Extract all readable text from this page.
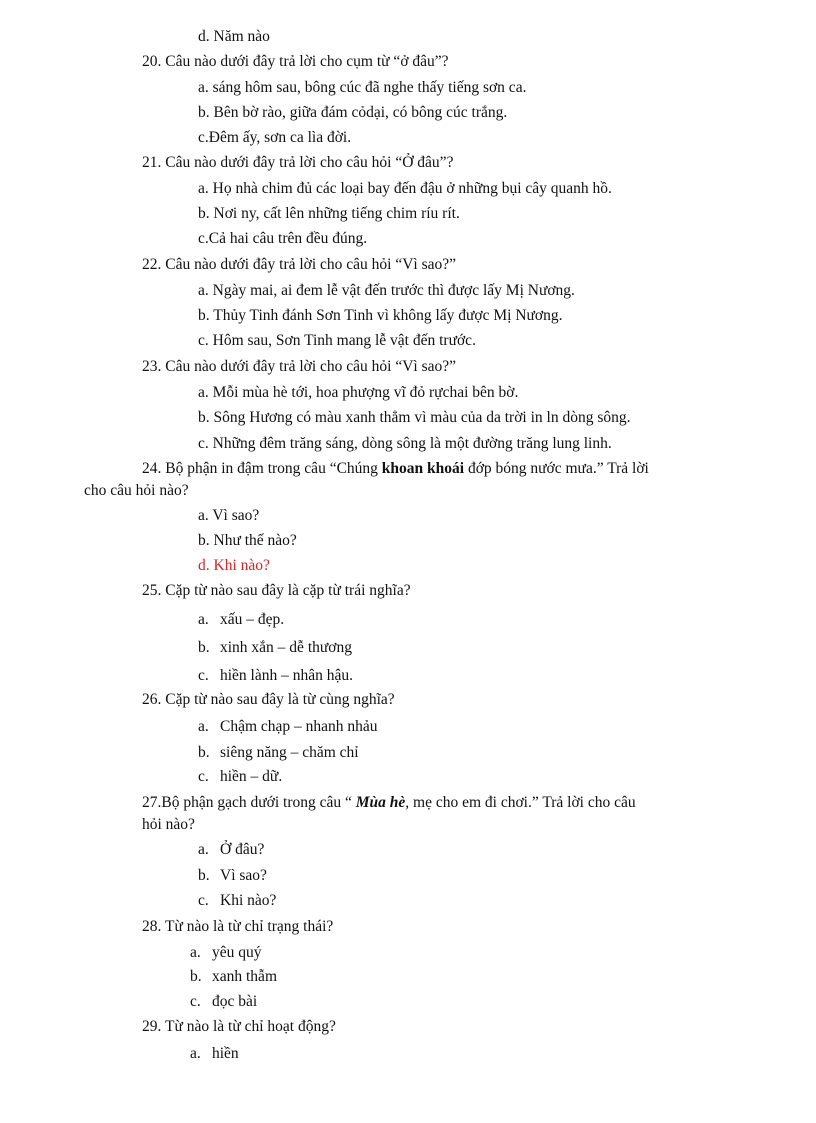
d. Năm nào
20. Câu nào dưới đây trả lời cho cụm từ “ở đâu”?
a. sáng hôm sau, bông cúc đã nghe thấy tiếng sơn ca.
b. Bên bờ rào, giữa đám cỏdại, có bông cúc trắng.
c.Đêm ấy, sơn ca lìa đời.
21. Câu nào dưới đây trả lời cho câu hỏi “Ở đâu”?
a. Họ nhà chim đủ các loại bay đến đậu ở những bụi cây quanh hồ.
b. Nơi ny, cất lên những tiếng chim ríu rít.
c.Cả hai câu trên đều đúng.
22. Câu nào dưới đây trả lời cho câu hỏi “Vì sao?”
a. Ngày mai, ai đem lễ vật đến trước thì được lấy Mị Nương.
b. Thủy Tinh đánh Sơn Tinh vì không lấy được Mị Nương.
c. Hôm sau, Sơn Tinh mang lễ vật đến trước.
23. Câu nào dưới đây trả lời cho câu hỏi “Vì sao?”
a. Mỗi mùa hè tới, hoa phượng vĩ đỏ rựchai bên bờ.
b. Sông Hương có màu xanh thẳm vì màu của da trời in ln dòng sông.
c. Những đêm trăng sáng, dòng sông là một đường trăng lung linh.
24. Bộ phận in đậm trong câu “Chúng khoan khoái đớp bóng nước mưa.” Trả lời
cho câu hỏi nào?
a. Vì sao?
b. Như thế nào?
d. Khi nào?
25. Cặp từ nào sau đây là cặp từ trái nghĩa?
a. xấu – đẹp.
b. xinh xắn – dễ thương
c. hiền lành – nhân hậu.
26. Cặp từ nào sau đây là từ cùng nghĩa?
a. Chậm chạp – nhanh nhảu
b. siêng năng – chăm chỉ
c. hiền – dữ.
27.Bộ phận gạch dưới trong câu “ Mùa hè, mẹ cho em đi chơi.” Trả lời cho câu
hỏi nào?
a. Ở đâu?
b. Vì sao?
c. Khi nào?
28. Từ nào là từ chỉ trạng thái?
a. yêu quý
b. xanh thẫm
c. đọc bài
29. Từ nào là từ chỉ hoạt động?
a. hiền
